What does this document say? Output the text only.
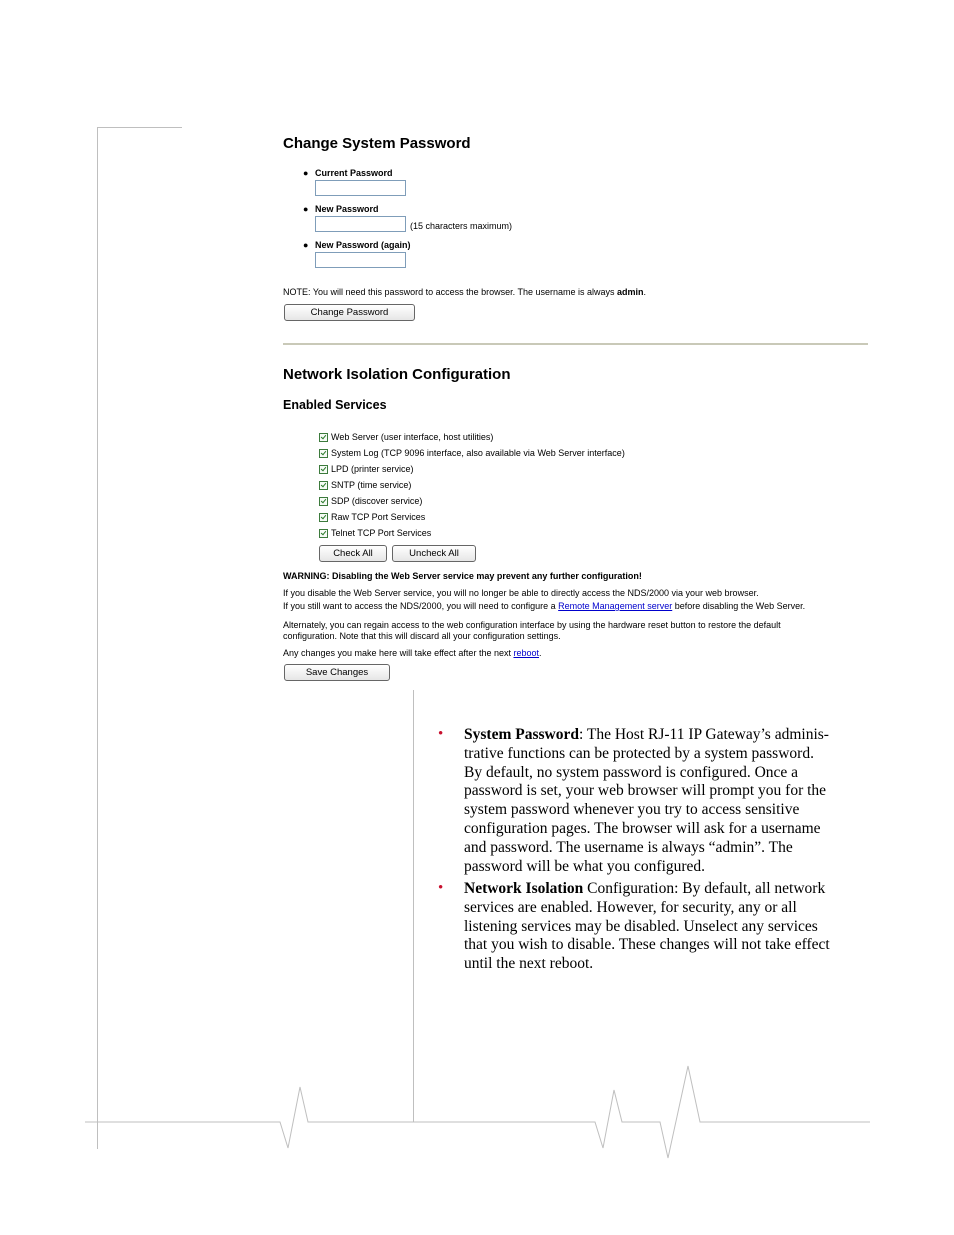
Change System Password
● Current Password
● New Password
(15 characters maximum)
● New Password (again)
NOTE: You will need this password to access the browser. The username is always admin.
Change Password
Network Isolation Configuration
Enabled Services
Web Server (user interface, host utilities)
System Log (TCP 9096 interface, also available via Web Server interface)
LPD (printer service)
SNTP (time service)
SDP (discover service)
Raw TCP Port Services
Telnet TCP Port Services
Check All	Uncheck All
WARNING: Disabling the Web Server service may prevent any further configuration!
If you disable the Web Server service, you will no longer be able to directly access the NDS/2000 via your web browser.
If you still want to access the NDS/2000, you will need to configure a Remote Management server before disabling the Web Server.
Alternately, you can regain access to the web configuration interface by using the hardware reset button to restore the default
configuration. Note that this will discard all your configuration settings.
Any changes you make here will take effect after the next reboot.
Save Changes
• System Password: The Host RJ-11 IP Gateway’s adminis-
trative functions can be protected by a system password.
By default, no system password is configured. Once a
password is set, your web browser will prompt you for the
system password whenever you try to access sensitive
configuration pages. The browser will ask for a username
and password. The username is always “admin”. The
password will be what you configured.
• Network Isolation Configuration: By default, all network
services are enabled. However, for security, any or all
listening services may be disabled. Unselect any services
that you wish to disable. These changes will not take effect
until the next reboot.
